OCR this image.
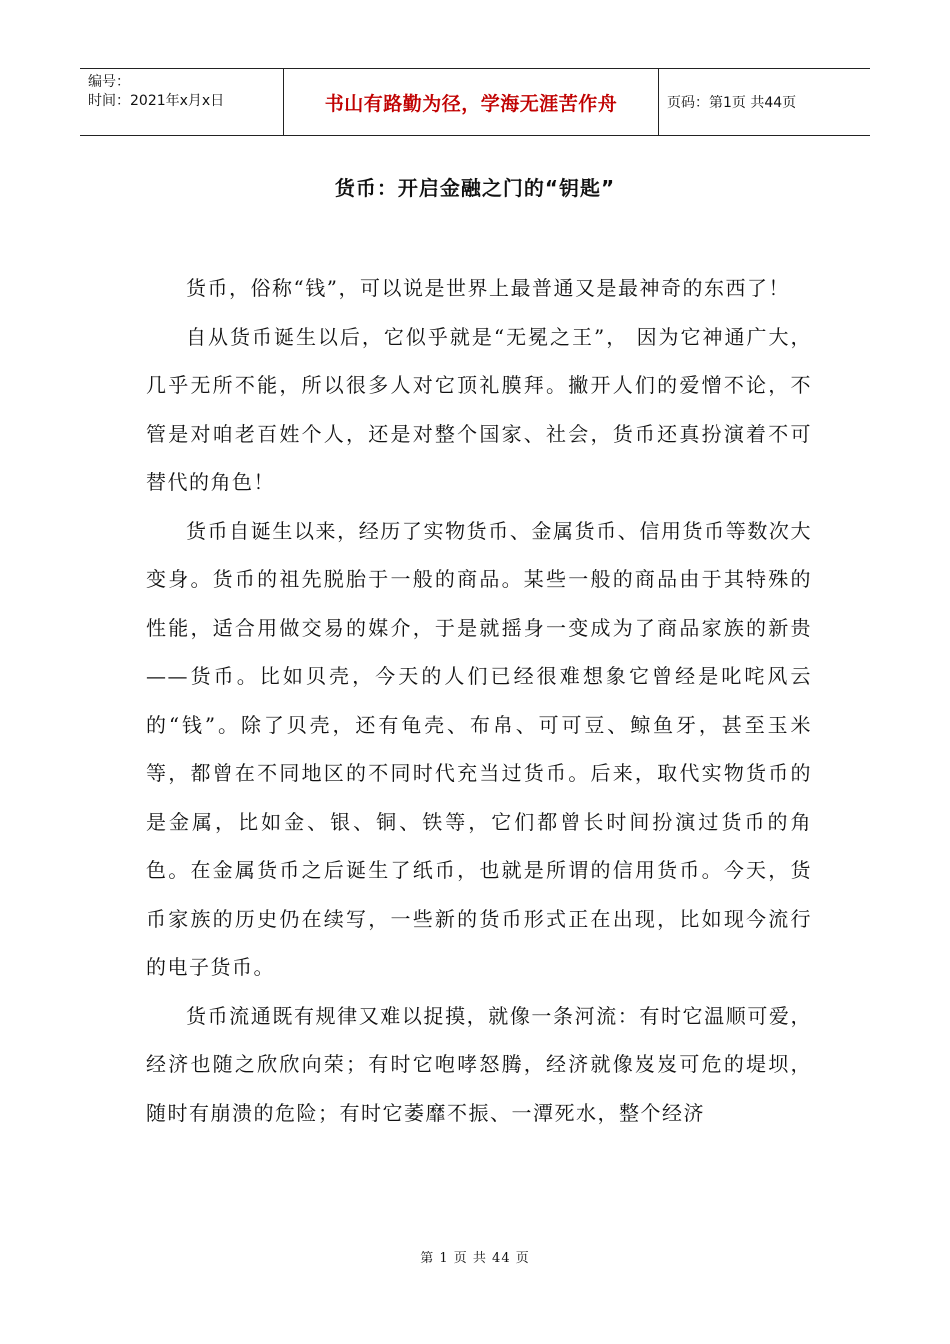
编号：
时间：2021年x月x日	书山有路勤为径，学海无涯苦作舟	页码：第1页 共44页
货币：开启金融之门的“钥匙”

货币，俗称“钱”，可以说是世界上最普通又是最神奇的东西了！

自从货币诞生以后，它似乎就是“无冕之王”， 因为它神通广大，几乎无所不能，所以很多人对它顶礼膜拜。撇开人们的爱憎不论，不管是对咱老百姓个人，还是对整个国家、社会，货币还真扮演着不可替代的角色！

货币自诞生以来，经历了实物货币、金属货币、信用货币等数次大变身。货币的祖先脱胎于一般的商品。某些一般的商品由于其特殊的性能，适合用做交易的媒介，于是就摇身一变成为了商品家族的新贵——货币。比如贝壳，今天的人们已经很难想象它曾经是叱咤风云的“钱”。除了贝壳，还有龟壳、布帛、可可豆、鲸鱼牙，甚至玉米等，都曾在不同地区的不同时代充当过货币。后来，取代实物货币的是金属，比如金、银、铜、铁等，它们都曾长时间扮演过货币的角色。在金属货币之后诞生了纸币，也就是所谓的信用货币。今天，货币家族的历史仍在续写，一些新的货币形式正在出现，比如现今流行的电子货币。

货币流通既有规律又难以捉摸，就像一条河流：有时它温顺可爱，经济也随之欣欣向荣；有时它咆哮怒腾，经济就像岌岌可危的堤坝，随时有崩溃的危险；有时它萎靡不振、一潭死水，整个经济

第 1 页 共 44 页
